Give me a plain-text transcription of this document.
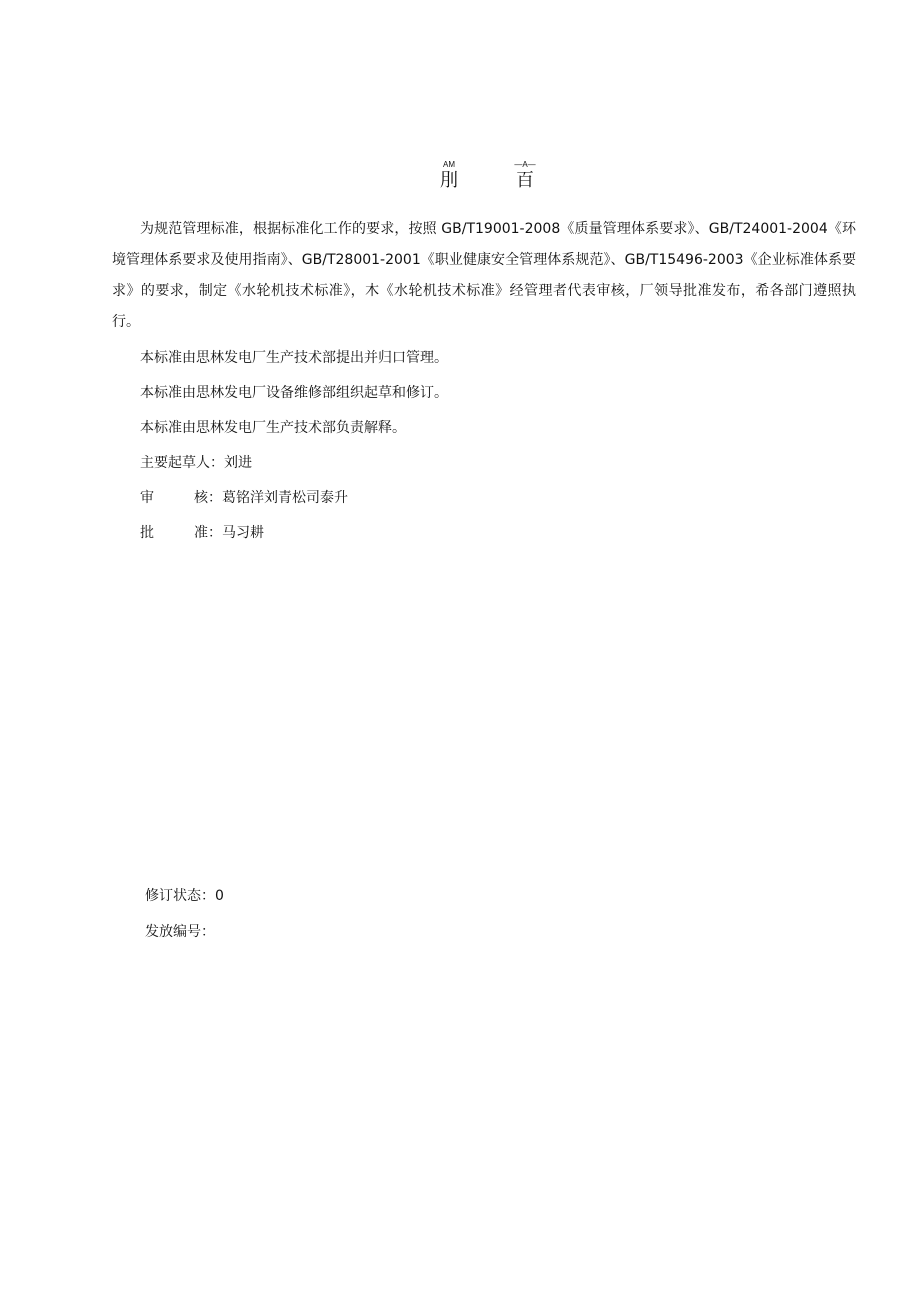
AM
刖
—A—
百

为规范管理标准，根据标准化工作的要求，按照 GB/T19001-2008《质量管理体系要求》、GB/T24001-2004《环境管理体系要求及使用指南》、GB/T28001-2001《职业健康安全管理体系规范》、GB/T15496-2003《企业标准体系要求》的要求，制定《水轮机技术标准》，木《水轮机技术标准》经管理者代表审核，厂领导批准发布，希各部门遵照执行。

本标准由思林发电厂生产技术部提出并归口管理。

本标准由思林发电厂设备维修部组织起草和修订。

本标准由思林发电厂生产技术部负责解释。

主要起草人：刘进

审	核：葛铭洋刘青松司泰升

批	准：马习耕

修订状态：0

发放编号：
